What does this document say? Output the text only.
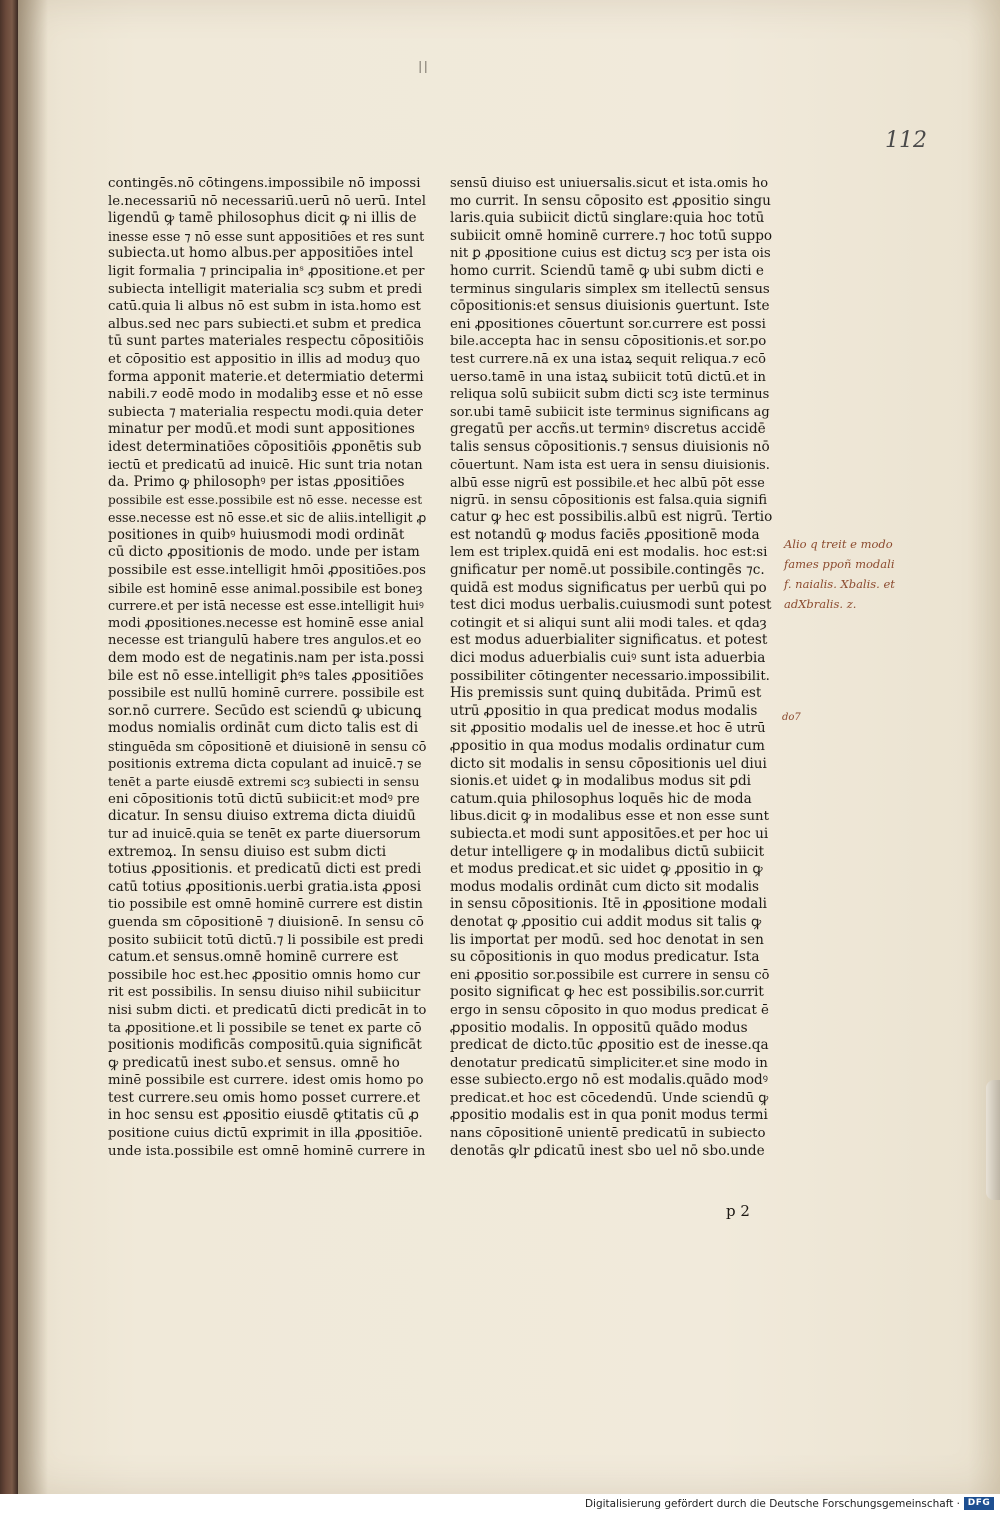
ll
112
contingēs.nō cōtingens.impossibile nō impossi
le.necessariū nō necessariū.uerū nō uerū. Intel
ligendū ꝙ tamē philosophus dicit ꝙ ni illis de
inesse esse ⁊ nō esse sunt appositiōes et res sunt
subiecta.ut homo albus.per appositiōes intel
ligit formalia ⁊ principalia inˢ ꝓpositione.et per
subiecta intelligit materialia scȝ subm et predi
catū.quia li albus nō est subm in ista.homo est
albus.sed nec pars subiecti.et subm et predica
tū sunt partes materiales respectu cōpositiōis
et cōpositio est appositio in illis ad moduȝ quo
forma apponit materie.et determiatio determi
nabili.⁊ eodē modo in modalibꝫ esse et nō esse
subiecta ⁊ materialia respectu modi.quia deter
minatur per modū.et modi sunt appositiones
idest determinatiōes cōpositiōis ꝓponētis sub
iectū et predicatū ad inuicē. Hic sunt tria notan
da. Primo ꝙ philosophꝰ per istas ꝓpositiōes
possibile est esse.possibile est nō esse. necesse est
esse.necesse est nō esse.et sic de aliis.intelligit ꝓ
positiones in quibꝰ huiusmodi modi ordināt
cū dicto ꝓpositionis de modo. unde per istam
possibile est esse.intelligit hmōi ꝓpositiōes.pos
sibile est hominē esse animal.possibile est boneȝ
currere.et per istā necesse est esse.intelligit huiꝰ
modi ꝓpositiones.necesse est hominē esse anial
necesse est triangulū habere tres angulos.et eo
dem modo est de negatinis.nam per ista.possi
bile est nō esse.intelligit ꝑhꝰs tales ꝓpositiōes
possibile est nullū hominē currere. possibile est
sor.nō currere. Secūdo est sciendū ꝙ ubicunꝗ
modus nomialis ordināt cum dicto talis est di
stinguēda sm cōpositionē et diuisionē in sensu cō
positionis extrema dicta copulant ad inuicē.⁊ se
tenēt a parte eiusdē extremi scȝ subiecti in sensu
eni cōpositionis totū dictū subiicit:et modꝰ pre
dicatur. In sensu diuiso extrema dicta diuidū
tur ad inuicē.quia se tenēt ex parte diuersorum
extremoꝝ. In sensu diuiso est subm dicti
totius ꝓpositionis. et predicatū dicti est predi
catū totius ꝓpositionis.uerbi gratia.ista ꝓposi
tio possibile est omnē hominē currere est distin
guenda sm cōpositionē ⁊ diuisionē. In sensu cō
posito subiicit totū dictū.⁊ li possibile est predi
catum.et sensus.omnē hominē currere est
possibile hoc est.hec ꝓpositio omnis homo cur
rit est possibilis. In sensu diuiso nihil subiicitur
nisi subm dicti. et predicatū dicti predicāt in to
ta ꝓpositione.et li possibile se tenet ex parte cō
positionis modificās compositū.quia significāt
ꝙ predicatū inest subo.et sensus. omnē ho
minē possibile est currere. idest omis homo po
test currere.seu omis homo posset currere.et
in hoc sensu est ꝓpositio eiusdē ꝙtitatis cū ꝓ
positione cuius dictū exprimit in illa ꝓpositiōe.
unde ista.possibile est omnē hominē currere in
sensū diuiso est uniuersalis.sicut et ista.omis ho
mo currit. In sensu cōposito est ꝓpositio singu
laris.quia subiicit dictū singlare:quia hoc totū
subiicit omnē hominē currere.⁊ hoc totū suppo
nit ꝑ ꝓpositione cuius est dictuȝ scȝ per ista ois
homo currit. Sciendū tamē ꝙ ubi subm dicti e
terminus singularis simplex sm itellectū sensus
cōpositionis:et sensus diuisionis ꝯuertunt. Iste
eni ꝓpositiones cōuertunt sor.currere est possi
bile.accepta hac in sensu cōpositionis.et sor.po
test currere.nā ex una istaꝝ sequit reliqua.⁊ ecō
uerso.tamē in una istaꝝ subiicit totū dictū.et in
reliqua solū subiicit subm dicti scȝ iste terminus
sor.ubi tamē subiicit iste terminus significans ag
gregatū per accñs.ut terminꝰ discretus accidē
talis sensus cōpositionis.⁊ sensus diuisionis nō
cōuertunt. Nam ista est uera in sensu diuisionis.
albū esse nigrū est possibile.et hec albū pōt esse
nigrū. in sensu cōpositionis est falsa.quia signifi
catur ꝙ hec est possibilis.albū est nigrū. Tertio
est notandū ꝙ modus faciēs ꝓpositionē moda
lem est triplex.quidā eni est modalis. hoc est:si
gnificatur per nomē.ut possibile.contingēs ⁊c.
quidā est modus significatus per uerbū qui po
test dici modus uerbalis.cuiusmodi sunt potest
cotingit et si aliqui sunt alii modi tales. et qdaȝ
est modus aduerbialiter significatus. et potest
dici modus aduerbialis cuiꝰ sunt ista aduerbia
possibiliter cōtingenter necessario.impossibilit.
His premissis sunt quinꝗ dubitāda. Primū est
utrū ꝓpositio in qua predicat modus modalis
sit ꝓpositio modalis uel de inesse.et hoc ē utrū
ꝓpositio in qua modus modalis ordinatur cum
dicto sit modalis in sensu cōpositionis uel diui
sionis.et uidet ꝙ in modalibus modus sit ꝑdi
catum.quia philosophus loquēs hic de moda
libus.dicit ꝙ in modalibus esse et non esse sunt
subiecta.et modi sunt appositōes.et per hoc ui
detur intelligere ꝙ in modalibus dictū subiicit
et modus predicat.et sic uidet ꝙ ꝓpositio in ꝙ
modus modalis ordināt cum dicto sit modalis
in sensu cōpositionis. Itē in ꝓpositione modali
denotat ꝙ ꝓpositio cui addit modus sit talis ꝙ
lis importat per modū. sed hoc denotat in sen
su cōpositionis in quo modus predicatur. Ista
eni ꝓpositio sor.possibile est currere in sensu cō
posito significat ꝙ hec est possibilis.sor.currit
ergo in sensu cōposito in quo modus predicat ē
ꝓpositio modalis. In oppositū quādo modus
predicat de dicto.tūc ꝓpositio est de inesse.qa
denotatur predicatū simpliciter.et sine modo in
esse subiecto.ergo nō est modalis.quādo modꝰ
predicat.et hoc est cōcedendū. Unde sciendū ꝙ
ꝓpositio modalis est in qua ponit modus termi
nans cōpositionē unientē predicatū in subiecto
denotās ꝙlr ꝑdicatū inest sbo uel nō sbo.unde
Alio q treit e modo
fames ppoñ modali
f. naialis. Xbalis. et
adXbralis. z.
do7
p 2
Digitalisierung gefördert durch die Deutsche Forschungsgemeinschaft · DFG
